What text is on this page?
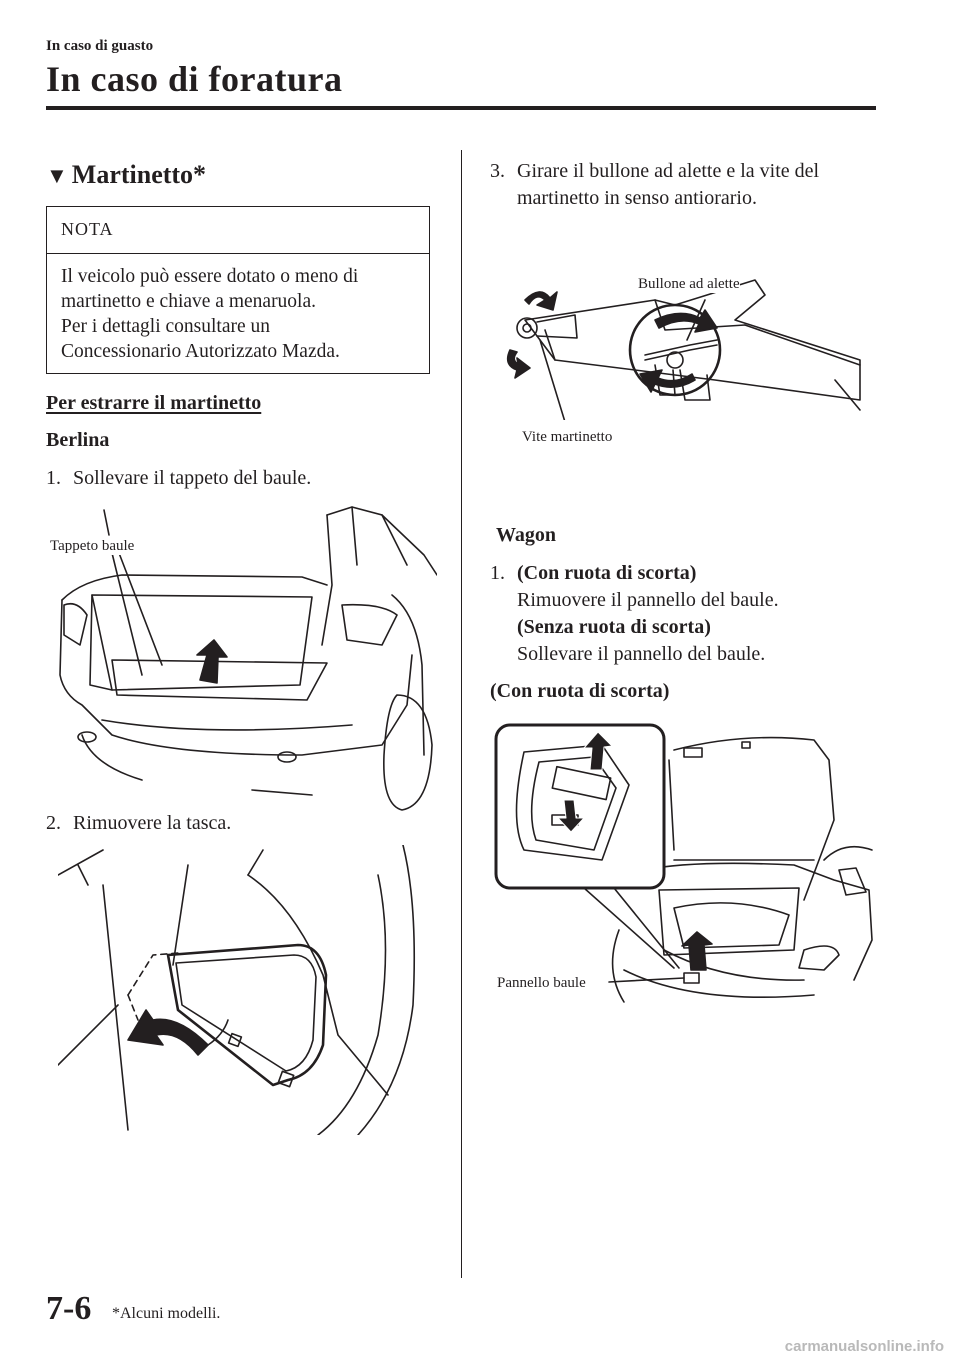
In caso di guasto
In caso di foratura
▼ Martinetto*
NOTA
Il veicolo può essere dotato o meno di
martinetto e chiave a menaruola.
Per i dettagli consultare un
Concessionario Autorizzato Mazda.
Per estrarre il martinetto
Berlina
1. Sollevare il tappeto del baule.
Tappeto baule
2. Rimuovere la tasca.
3. Girare il bullone ad alette e la vite del
martinetto in senso antiorario.
Bullone ad alette
Vite martinetto
Wagon
1. (Con ruota di scorta)
Rimuovere il pannello del baule.
(Senza ruota di scorta)
Sollevare il pannello del baule.
(Con ruota di scorta)
Pannello baule
7-6 *Alcuni modelli.
carmanualsonline.info
